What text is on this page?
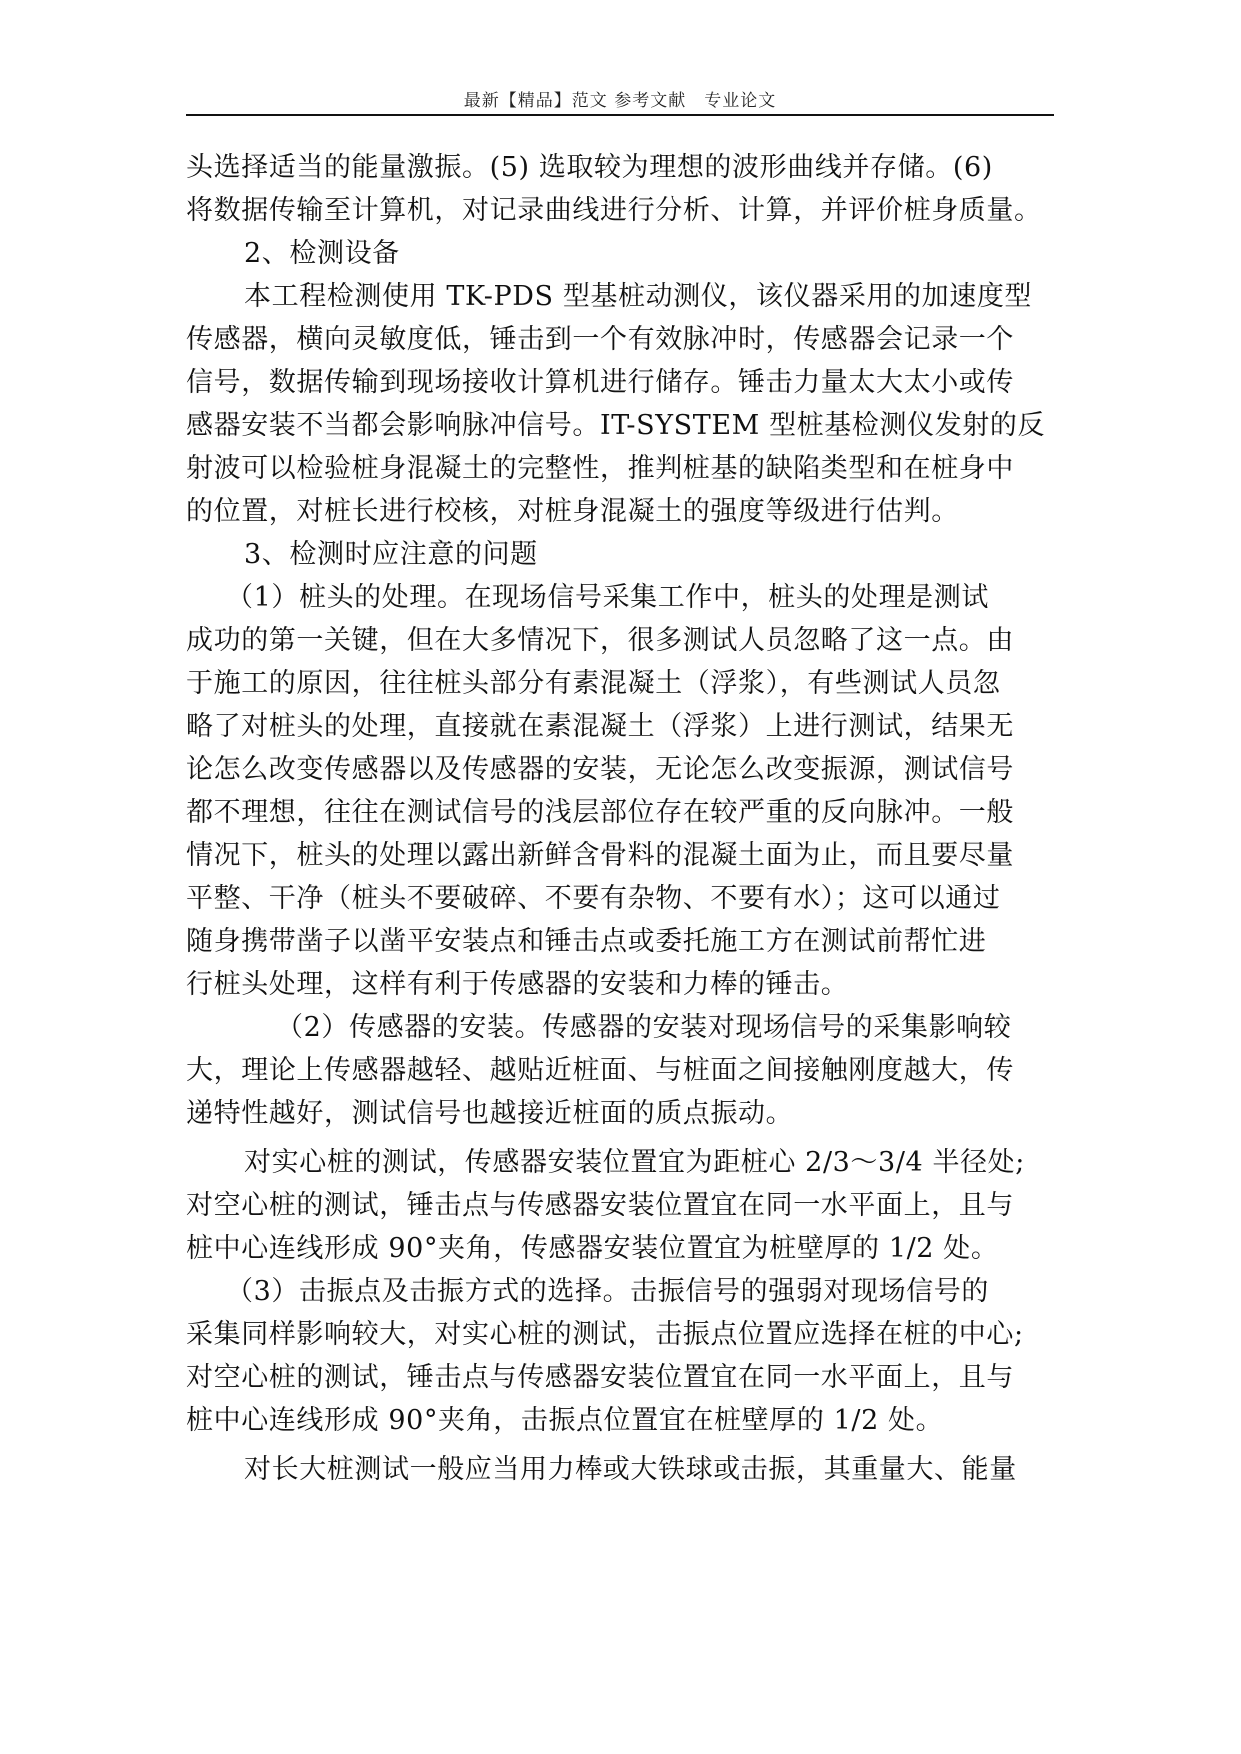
最新【精品】范文 参考文献　专业论文
头选择适当的能量激振。(5) 选取较为理想的波形曲线并存储。(6)
将数据传输至计算机，对记录曲线进行分析、计算，并评价桩身质量。
2、检测设备
本工程检测使用 TK-PDS 型基桩动测仪，该仪器采用的加速度型
传感器，横向灵敏度低，锤击到一个有效脉冲时，传感器会记录一个
信号，数据传输到现场接收计算机进行储存。锤击力量太大太小或传
感器安装不当都会影响脉冲信号。IT-SYSTEM 型桩基检测仪发射的反
射波可以检验桩身混凝土的完整性，推判桩基的缺陷类型和在桩身中
的位置，对桩长进行校核，对桩身混凝土的强度等级进行估判。
3、检测时应注意的问题
（1）桩头的处理。在现场信号采集工作中，桩头的处理是测试
成功的第一关键，但在大多情况下，很多测试人员忽略了这一点。由
于施工的原因，往往桩头部分有素混凝土（浮浆），有些测试人员忽
略了对桩头的处理，直接就在素混凝土（浮浆）上进行测试，结果无
论怎么改变传感器以及传感器的安装，无论怎么改变振源，测试信号
都不理想，往往在测试信号的浅层部位存在较严重的反向脉冲。一般
情况下，桩头的处理以露出新鲜含骨料的混凝土面为止，而且要尽量
平整、干净（桩头不要破碎、不要有杂物、不要有水）；这可以通过
随身携带凿子以凿平安装点和锤击点或委托施工方在测试前帮忙进
行桩头处理，这样有利于传感器的安装和力棒的锤击。
（2）传感器的安装。传感器的安装对现场信号的采集影响较
大，理论上传感器越轻、越贴近桩面、与桩面之间接触刚度越大，传
递特性越好，测试信号也越接近桩面的质点振动。
对实心桩的测试，传感器安装位置宜为距桩心 2/3～3/4 半径处;
对空心桩的测试，锤击点与传感器安装位置宜在同一水平面上，且与
桩中心连线形成 90°夹角，传感器安装位置宜为桩壁厚的 1/2 处。
（3）击振点及击振方式的选择。击振信号的强弱对现场信号的
采集同样影响较大，对实心桩的测试，击振点位置应选择在桩的中心;
对空心桩的测试，锤击点与传感器安装位置宜在同一水平面上，且与
桩中心连线形成 90°夹角，击振点位置宜在桩壁厚的 1/2 处。
对长大桩测试一般应当用力棒或大铁球或击振，其重量大、能量
